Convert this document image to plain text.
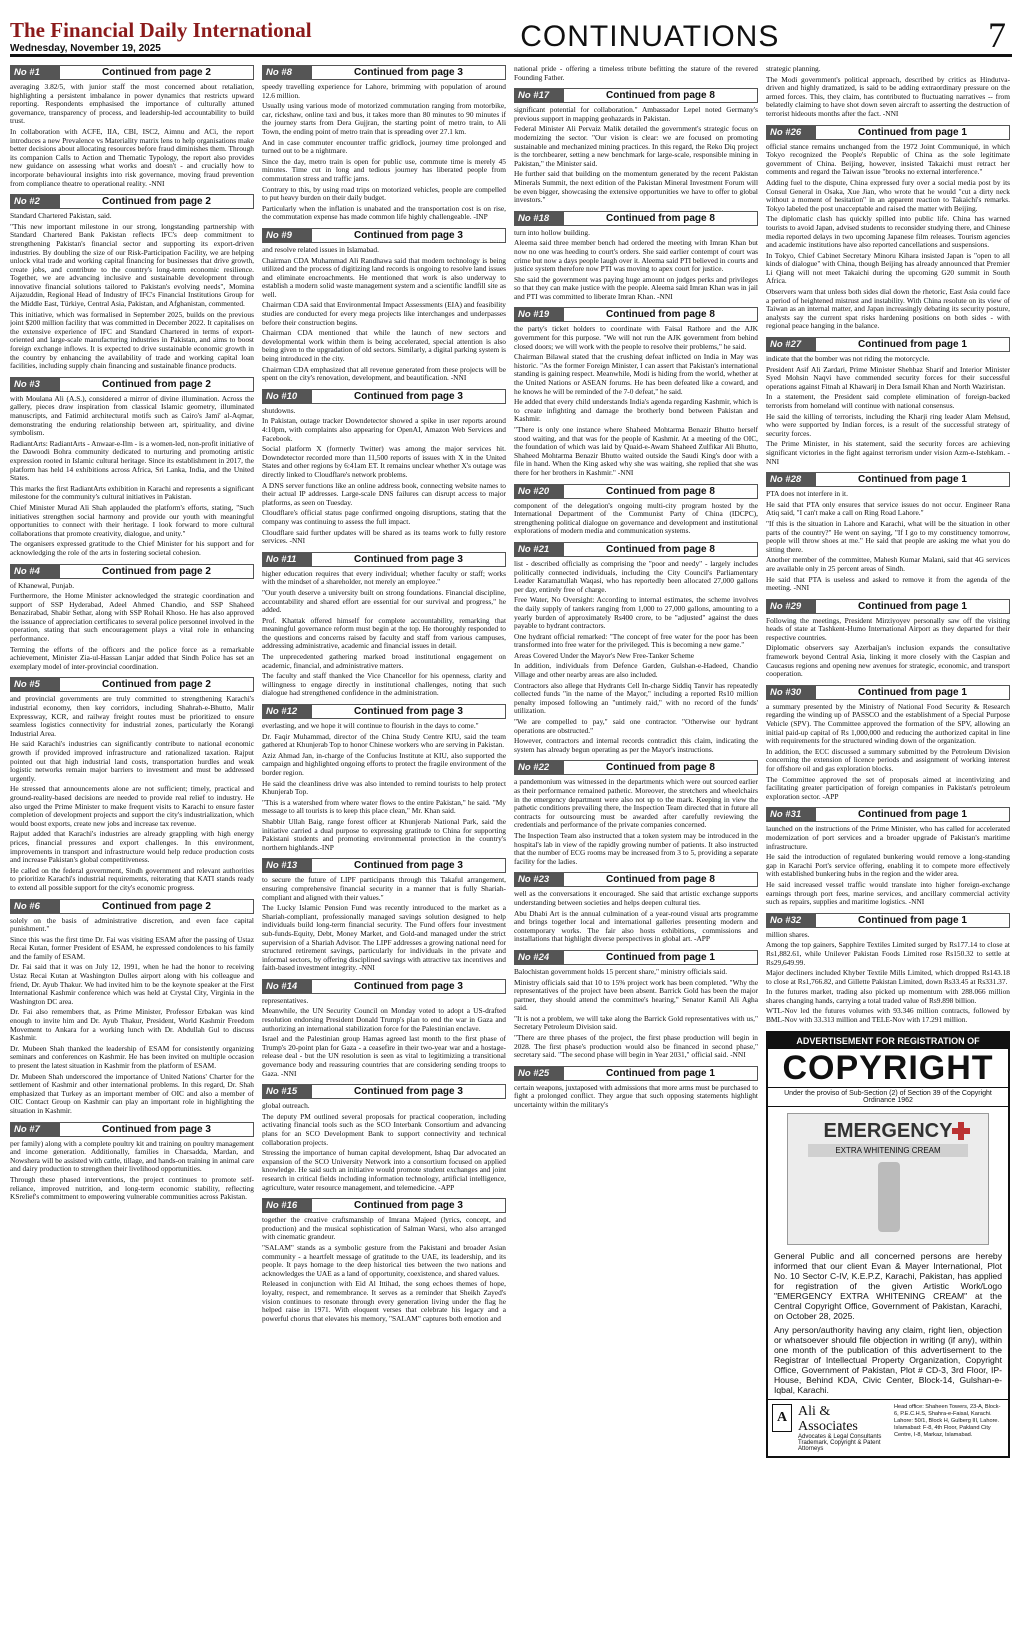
The Financial Daily International
Wednesday, November 19, 2025	CONTINUATIONS	7
No #1	Continued from page 2

averaging 3.82/5, with junior staff the most concerned about retaliation, highlighting a persistent imbalance in power dynamics that restricts upward reporting. Respondents emphasised the importance of culturally attuned governance, transparency of process, and leadership-led accountability to build trust.

In collaboration with ACFE, IIA, CBI, ISC2, Aimnu and ACi, the report introduces a new Prevalence vs Materiality matrix lens to help organisations make better decisions about allocating resources before fraud diminishes them. Through its companion Calls to Action and Thematic Typology, the report also provides new guidance on assessing what works and doesn't - and crucially how to incorporate behavioural insights into risk governance, moving fraud prevention from compliance theatre to operational reality. -NNI

No #2	Continued from page 2

Standard Chartered Pakistan, said.

"This new important milestone in our strong, longstanding partnership with Standard Chartered Bank Pakistan reflects IFC's deep commitment to strengthening Pakistan's financial sector and supporting its export-driven industries. By doubling the size of our Risk-Participation Facility, we are helping unlock vital trade and working capital financing for businesses that drive growth, create jobs, and contribute to the country's long-term economic resilience. Together, we are advancing inclusive and sustainable development through innovative financial solutions tailored to Pakistan's evolving needs", Momina Aijazuddin, Regional Head of Industry of IFC's Financial Institutions Group for the Middle East, Türkiye, Central Asia, Pakistan, and Afghanistan, commented.

This initiative, which was formalised in September 2025, builds on the previous joint $200 million facility that was committed in December 2022. It capitalises on the extensive experience of IFC and Standard Chartered in terms of export-oriented and large-scale manufacturing industries in Pakistan, and aims to boost foreign exchange inflows. It is expected to drive sustainable economic growth in the country by enhancing the availability of trade and working capital loan facilities, including supply chain financing and sustainable finance products.

No #3	Continued from page 2

with Moulana Ali (A.S.), considered a mirror of divine illumination. Across the gallery, pieces draw inspiration from classical Islamic geometry, illuminated manuscripts, and Fatimid architectural motifs such as Cairo's Jami' al-Aqmar, demonstrating the enduring relationship between art, spirituality, and divine symbolism.

RadiantArts: RadiantArts - Anwaar-e-Ilm - is a women-led, non-profit initiative of the Dawoodi Bohra community dedicated to nurturing and promoting artistic expression rooted in Islamic cultural heritage. Since its establishment in 2017, the platform has held 14 exhibitions across Africa, Sri Lanka, India, and the United States.

This marks the first RadiantArts exhibition in Karachi and represents a significant milestone for the community's cultural initiatives in Pakistan.

Chief Minister Murad Ali Shah applauded the platform's efforts, stating, "Such initiatives strengthen social harmony and provide our youth with meaningful opportunities to connect with their heritage. I look forward to more cultural collaborations that promote creativity, dialogue, and unity."

The organisers expressed gratitude to the Chief Minister for his support and for acknowledging the role of the arts in fostering societal cohesion.

No #4	Continued from page 2

of Khanewal, Punjab.

Furthermore, the Home Minister acknowledged the strategic coordination and support of SSP Hyderabad, Adeel Ahmed Chandio, and SSP Shaheed Benazirabad, Shabir Sethar, along with SSP Rohail Khoso. He has also approved the issuance of appreciation certificates to several police personnel involved in the operation, stating that such encouragement plays a vital role in enhancing performance.

Terming the efforts of the officers and the police force as a remarkable achievement, Minister Zia-ul-Hassan Lanjar added that Sindh Police has set an exemplary model of inter-provincial coordination.

No #5	Continued from page 2

and provincial governments are truly committed to strengthening Karachi's industrial economy, then key corridors, including Shahrah-e-Bhutto, Malir Expressway, KCR, and railway freight routes must be prioritized to ensure seamless logistics connectivity for industrial zones, particularly the Korangi Industrial Area.

He said Karachi's industries can significantly contribute to national economic growth if provided improved infrastructure and rationalized taxation. Rajput pointed out that high industrial land costs, transportation hurdles and weak logistic networks remain major barriers to investment and must be addressed urgently.

He stressed that announcements alone are not sufficient; timely, practical and ground-reality-based decisions are needed to provide real relief to industry. He also urged the Prime Minister to make frequent visits to Karachi to ensure faster completion of development projects and support the city's industrialization, which would boost exports, create new jobs and increase tax revenue.

Rajput added that Karachi's industries are already grappling with high energy prices, financial pressures and export challenges. In this environment, improvements in transport and infrastructure would help reduce production costs and increase Pakistan's global competitiveness.

He called on the federal government, Sindh government and relevant authorities to prioritize Karachi's industrial requirements, reiterating that KATI stands ready to extend all possible support for the city's economic progress.

No #6	Continued from page 2

solely on the basis of administrative discretion, and even face capital punishment."

Since this was the first time Dr. Fai was visiting ESAM after the passing of Ustaz Recai Kutan, former President of ESAM, he expressed condolences to his family and the family of ESAM.

Dr. Fai said that it was on July 12, 1991, when he had the honor to receiving Ustaz Recai Kutan at Washington Dulles airport along with his colleague and friend, Dr. Ayub Thakur. We had invited him to be the keynote speaker at the First International Kashmir conference which was held at Crystal City, Virginia in the Washington DC area.

Dr. Fai also remembers that, as Prime Minister, Professor Erbakan was kind enough to invite him and Dr. Ayub Thakur, President, World Kashmir Freedom Movement to Ankara for a working lunch with Dr. Abdullah Gul to discuss Kashmir.

Dr. Mubeen Shah thanked the leadership of ESAM for consistently organizing seminars and conferences on Kashmir. He has been invited on multiple occasion to present the latest situation in Kashmir from the platform of ESAM.

Dr. Mubeen Shah underscored the importance of United Nations' Charter for the settlement of Kashmir and other international problems. In this regard, Dr. Shah emphasized that Turkey as an important member of OIC and also a member of OIC Contact Group on Kashmir can play an important role in highlighting the situation in Kashmir.

No #7	Continued from page 3

per family) along with a complete poultry kit and training on poultry management and income generation. Additionally, families in Charsadda, Mardan, and Nowshera will be assisted with cattle, tillage, and hands-on training in animal care and dairy production to strengthen their livelihood opportunities.

Through these phased interventions, the project continues to promote self-reliance, improved nutrition, and long-term economic stability, reflecting KSrelief's commitment to empowering vulnerable communities across Pakistan.

No #8	Continued from page 3

speedy travelling experience for Lahore, brimming with population of around 12.6 million.

Usually using various mode of motorized commutation ranging from motorbike, car, rickshaw, online taxi and bus, it takes more than 80 minutes to 90 minutes if the journey starts from Dera Gujjran, the starting point of metro train, to Ali Town, the ending point of metro train that is spreading over 27.1 km.

And in case commuter encounter traffic gridlock, journey time prolonged and turned out to be a nightmare.

Since the day, metro train is open for public use, commute time is merely 45 minutes. Time cut in long and tedious journey has liberated people from commutation stress and traffic jams.

Contrary to this, by using road trips on motorized vehicles, people are compelled to put heavy burden on their daily budget.

Particularly when the inflation is unabated and the transportation cost is on rise, the commutation expense has made common life highly challengeable. -INP

No #9	Continued from page 3

and resolve related issues in Islamabad.

Chairman CDA Muhammad Ali Randhawa said that modern technology is being utilized and the process of digitizing land records is ongoing to resolve land issues and eliminate encroachments. He mentioned that work is also underway to establish a modern solid waste management system and a scientific landfill site as well.

Chairman CDA said that Environmental Impact Assessments (EIA) and feasibility studies are conducted for every mega projects like interchanges and underpasses before their construction begins.

Chairman CDA mentioned that while the launch of new sectors and developmental work within them is being accelerated, special attention is also being given to the upgradation of old sectors. Similarly, a digital parking system is being introduced in the city.

Chairman CDA emphasized that all revenue generated from these projects will be spent on the city's renovation, development, and beautification. -NNI

No #10	Continued from page 3

shutdowns.

In Pakistan, outage tracker Downdetector showed a spike in user reports around 4:10pm, with complaints also appearing for OpenAI, Amazon Web Services and Facebook.

Social platform X (formerly Twitter) was among the major services hit. Downdetector recorded more than 11,500 reports of issues with X in the United States and other regions by 6:41am ET. It remains unclear whether X's outage was directly linked to Cloudflare's network problems.

A DNS server functions like an online address book, connecting website names to their actual IP addresses. Large-scale DNS failures can disrupt access to major platforms, as seen on Tuesday.

Cloudflare's official status page confirmed ongoing disruptions, stating that the company was continuing to assess the full impact.

Cloudflare said further updates will be shared as its teams work to fully restore services. -NNI

No #11	Continued from page 3

higher education requires that every individual; whether faculty or staff; works with the mindset of a shareholder, not merely an employee."

"Our youth deserve a university built on strong foundations. Financial discipline, accountability and shared effort are essential for our survival and progress," he added.

Prof. Khattak offered himself for complete accountability, remarking that meaningful governance reform must begin at the top. He thoroughly responded to the questions and concerns raised by faculty and staff from various campuses, addressing administrative, academic and financial issues in detail.

The unprecedented gathering marked broad institutional engagement on academic, financial, and administrative matters.

The faculty and staff thanked the Vice Chancellor for his openness, clarity and willingness to engage directly in institutional challenges, noting that such dialogue had strengthened confidence in the administration.

No #12	Continued from page 3

everlasting, and we hope it will continue to flourish in the days to come."

Dr. Faqir Muhammad, director of the China Study Centre KIU, said the team gathered at Khunjerab Top to honor Chinese workers who are serving in Pakistan.

Aziz Ahmad Jan, in-charge of the Confucius Institute at KIU, also supported the campaign and highlighted ongoing efforts to protect the fragile environment of the border region.

He said the cleanliness drive was also intended to remind tourists to help protect Khunjerab Top.

"This is a watershed from where water flows to the entire Pakistan," he said. "My message to all tourists is to keep this place clean," Mr. Khan said.

Shabbir Ullah Baig, range forest officer at Khunjerab National Park, said the initiative carried a dual purpose to expressing gratitude to China for supporting Pakistani students and promoting environmental protection in the country's northern highlands.-INP

No #13	Continued from page 3

to secure the future of LIPF participants through this Takaful arrangement, ensuring comprehensive financial security in a manner that is fully Shariah-compliant and aligned with their values."

The Lucky Islamic Pension Fund was recently introduced to the market as a Shariah-compliant, professionally managed savings solution designed to help individuals build long-term financial security. The Fund offers four investment sub-funds-Equity, Debt, Money Market, and Gold-and managed under the strict supervision of a Shariah Advisor. The LIPF addresses a growing national need for structured retirement savings, particularly for individuals in the private and informal sectors, by offering disciplined savings with attractive tax incentives and faith-based investment integrity. -NNI

No #14	Continued from page 3

representatives.

Meanwhile, the UN Security Council on Monday voted to adopt a US-drafted resolution endorsing President Donald Trump's plan to end the war in Gaza and authorizing an international stabilization force for the Palestinian enclave.

Israel and the Palestinian group Hamas agreed last month to the first phase of Trump's 20-point plan for Gaza - a ceasefire in their two-year war and a hostage-release deal - but the UN resolution is seen as vital to legitimizing a transitional governance body and reassuring countries that are considering sending troops to Gaza. -NNI

No #15	Continued from page 3

global outreach.

The deputy PM outlined several proposals for practical cooperation, including activating financial tools such as the SCO Interbank Consortium and advancing plans for an SCO Development Bank to support connectivity and technical collaboration projects.

Stressing the importance of human capital development, Ishaq Dar advocated an expansion of the SCO University Network into a consortium focused on applied knowledge. He said such an initiative would promote student exchanges and joint research in critical fields including information technology, artificial intelligence, agriculture, water resource management, and telemedicine. -APP

No #16	Continued from page 3

together the creative craftsmanship of Imrana Majeed (lyrics, concept, and production) and the musical sophistication of Salman Warsi, who also arranged with cinematic grandeur.

"SALAM" stands as a symbolic gesture from the Pakistani and broader Asian community - a heartfelt message of gratitude to the UAE, its leadership, and its people. It pays homage to the deep historical ties between the two nations and acknowledges the UAE as a land of opportunity, coexistence, and shared values.

Released in conjunction with Eid Al Ittihad, the song echoes themes of hope, loyalty, respect, and remembrance. It serves as a reminder that Sheikh Zayed's vision continues to resonate through every generation living under the flag he helped raise in 1971. With eloquent verses that celebrate his legacy and a powerful chorus that elevates his memory, "SALAM" captures both emotion and

national pride - offering a timeless tribute befitting the stature of the revered Founding Father.

No #17	Continued from page 8

significant potential for collaboration." Ambassador Lepel noted Germany's previous support in mapping geohazards in Pakistan.

Federal Minister Ali Pervaiz Malik detailed the government's strategic focus on modernizing the sector. "Our vision is clear: we are focused on promoting sustainable and mechanized mining practices. In this regard, the Reko Diq project is the torchbearer, setting a new benchmark for large-scale, responsible mining in Pakistan," the Minister said.

He further said that building on the momentum generated by the recent Pakistan Minerals Summit, the next edition of the Pakistan Mineral Investment Forum will be even bigger, showcasing the extensive opportunities we have to offer to global investors."

No #18	Continued from page 8

turn into hollow building.

Aleema said three member bench had ordered the meeting with Imran Khan but now no one was heeding to court's orders. She said earlier contempt of court was crime but now a days people laugh over it. Aleema said PTI believed in courts and justice system therefore now PTI was moving to apex court for justice.

She said the government was paying huge amount on judges perks and privileges so that they can make justice with the people. Aleema said Imran Khan was in jail and PTI was committed to liberate Imran Khan. -NNI

No #19	Continued from page 8

the party's ticket holders to coordinate with Faisal Rathore and the AJK government for this purpose. "We will not run the AJK government from behind closed doors; we will work with the people to resolve their problems," he said.

Chairman Bilawal stated that the crushing defeat inflicted on India in May was historic. "As the former Foreign Minister, I can assert that Pakistan's international standing is gaining respect. Meanwhile, Modi is hiding from the world, whether at the United Nations or ASEAN forums. He has been defeated like a coward, and he knows he will be reminded of the 7-0 defeat," he said.

He added that every child understands India's agenda regarding Kashmir, which is to create infighting and damage the brotherly bond between Pakistan and Kashmir.

"There is only one instance where Shaheed Mohtarma Benazir Bhutto herself stood waiting, and that was for the people of Kashmir. At a meeting of the OIC, the foundation of which was laid by Quaid-e-Awam Shaheed Zulfikar Ali Bhutto, Shaheed Mohtarma Benazir Bhutto waited outside the Saudi King's door with a file in hand. When the King asked why she was waiting, she replied that she was there for her brothers in Kashmir." -NNI

No #20	Continued from page 8

component of the delegation's ongoing multi-city program hosted by the International Department of the Communist Party of China (IDCPC), strengthening political dialogue on governance and development and institutional explorations of modern media and communication systems.

No #21	Continued from page 8

list - described officially as comprising the "poor and needy" - largely includes politically connected individuals, including the City Council's Parliamentary Leader Karamatullah Waqasi, who has reportedly been allocated 27,000 gallons per day, entirely free of charge.

Free Water, No Oversight: According to internal estimates, the scheme involves the daily supply of tankers ranging from 1,000 to 27,000 gallons, amounting to a yearly burden of approximately Rs400 crore, to be "adjusted" against the dues payable to hydrant contractors.

One hydrant official remarked: "The concept of free water for the poor has been transformed into free water for the privileged. This is becoming a new game."

Areas Covered Under the Mayor's New Free-Tanker Scheme

In addition, individuals from Defence Garden, Gulshan-e-Hadeed, Chandio Village and other nearby areas are also included.

Contractors also allege that Hydrants Cell In-charge Siddiq Tanvir has repeatedly collected funds "in the name of the Mayor," including a reported Rs10 million penalty imposed following an "untimely raid," with no record of the funds' utilization.

"We are compelled to pay," said one contractor. "Otherwise our hydrant operations are obstructed."

However, contractors and internal records contradict this claim, indicating the system has already begun operating as per the Mayor's instructions.

No #22	Continued from page 8

a pandemonium was witnessed in the departments which were out sourced earlier as their performance remained pathetic. Moreover, the stretchers and wheelchairs in the emergency department were also not up to the mark. Keeping in view the pathetic conditions prevailing there, the Inspection Team directed that in future all contracts for outsourcing must be awarded after carefully reviewing the credentials and performance of the private companies concerned.

The Inspection Team also instructed that a token system may be introduced in the hospital's lab in view of the rapidly growing number of patients. It also instructed that the number of ECG rooms may be increased from 3 to 5, providing a separate facility for the ladies.

No #23	Continued from page 8

well as the conversations it encouraged. She said that artistic exchange supports understanding between societies and helps deepen cultural ties.

Abu Dhabi Art is the annual culmination of a year-round visual arts programme and brings together local and international galleries presenting modern and contemporary works. The fair also hosts exhibitions, commissions and installations that highlight diverse perspectives in global art. -APP

No #24	Continued from page 1

Balochistan government holds 15 percent share," ministry officials said.

Ministry officials said that 10 to 15% project work has been completed. "Why the representatives of the project have been absent. Barrick Gold has been the major partner, they should attend the committee's hearing," Senator Kamil Ali Agha said.

"It is not a problem, we will take along the Barrick Gold representatives with us," Secretary Petroleum Division said.

"There are three phases of the project, the first phase production will begin in 2028. The first phase's production would also be financed in second phase," secretary said. "The second phase will begin in Year 2031," official said. -NNI

No #25	Continued from page 1

certain weapons, juxtaposed with admissions that more arms must be purchased to fight a prolonged conflict. They argue that such opposing statements highlight uncertainty within the military's

strategic planning.

The Modi government's political approach, described by critics as Hindutva-driven and highly dramatized, is said to be adding extraordinary pressure on the armed forces. This, they claim, has contributed to fluctuating narratives -- from belatedly claiming to have shot down seven aircraft to asserting the destruction of terrorist hideouts months after the fact. -NNI

No #26	Continued from page 1

official stance remains unchanged from the 1972 Joint Communiqué, in which Tokyo recognized the People's Republic of China as the sole legitimate government of China. Beijing, however, insisted Takaichi must retract her comments and regard the Taiwan issue "brooks no external interference."

Adding fuel to the dispute, China expressed fury over a social media post by its Consul General in Osaka, Xue Jian, who wrote that he would "cut a dirty neck without a moment of hesitation" in an apparent reaction to Takaichi's remarks. Tokyo labeled the post unacceptable and raised the matter with Beijing.

The diplomatic clash has quickly spilled into public life. China has warned tourists to avoid Japan, advised students to reconsider studying there, and Chinese media reported delays in two upcoming Japanese film releases. Tourism agencies and academic institutions have also reported cancellations and suspensions.

In Tokyo, Chief Cabinet Secretary Minoru Kihara insisted Japan is "open to all kinds of dialogue" with China, though Beijing has already announced that Premier Li Qiang will not meet Takaichi during the upcoming G20 summit in South Africa.

Observers warn that unless both sides dial down the rhetoric, East Asia could face a period of heightened mistrust and instability. With China resolute on its view of Taiwan as an internal matter, and Japan increasingly debating its security posture, analysts say the current spat risks hardening positions on both sides - with regional peace hanging in the balance.

No #27	Continued from page 1

indicate that the bomber was not riding the motorcycle.

President Asif Ali Zardari, Prime Minister Shehbaz Sharif and Interior Minister Syed Mohsin Naqvi have commended security forces for their successful operations against Fitnah al Khawarij in Dera Ismail Khan and North Waziristan.

In a statement, the President said complete elimination of foreign-backed terrorists from homeland will continue with national consensus.

He said the killing of terrorists, including the Kharji ring leader Alam Mehsud, who were supported by Indian forces, is a result of the successful strategy of security forces.

The Prime Minister, in his statement, said the security forces are achieving significant victories in the fight against terrorism under vision Azm-e-Istehkam. -NNI

No #28	Continued from page 1

PTA does not interfere in it.

He said that PTA only ensures that service issues do not occur. Engineer Rana Atiq said, "I can't make a call on Ring Road Lahore."

"If this is the situation in Lahore and Karachi, what will be the situation in other parts of the country?" He went on saying, "If I go to my constituency tomorrow, people will throw shoes at me." He said that people are asking me what you do sitting there.

Another member of the committee, Mahesh Kumar Malani, said that 4G services are available only in 25 percent areas of Sindh.

He said that PTA is useless and asked to remove it from the agenda of the meeting. -NNI

No #29	Continued from page 1

Following the meetings, President Mirziyoyev personally saw off the visiting heads of state at Tashkent-Humo International Airport as they departed for their respective countries.

Diplomatic observers say Azerbaijan's inclusion expands the consultative framework beyond Central Asia, linking it more closely with the Caspian and Caucasus regions and opening new avenues for strategic, economic, and transport cooperation.

No #30	Continued from page 1

a summary presented by the Ministry of National Food Security & Research regarding the winding up of PASSCO and the establishment of a Special Purpose Vehicle (SPV). The Committee approved the formation of the SPV, allowing an initial paid-up capital of Rs 1,000,000 and reducing the authorized capital in line with requirements for the structured winding down of the organization.

In addition, the ECC discussed a summary submitted by the Petroleum Division concerning the extension of licence periods and assignment of working interest for offshore oil and gas exploration blocks.

The Committee approved the set of proposals aimed at incentivizing and facilitating greater participation of foreign companies in Pakistan's petroleum exploration sector. -APP

No #31	Continued from page 1

launched on the instructions of the Prime Minister, who has called for accelerated modernization of port services and a broader upgrade of Pakistan's maritime infrastructure.

He said the introduction of regulated bunkering would remove a long-standing gap in Karachi Port's service offering, enabling it to compete more effectively with established bunkering hubs in the region and the wider area.

He said increased vessel traffic would translate into higher foreign-exchange earnings through port fees, marine services, and ancillary commercial activity such as repairs, supplies and maritime logistics. -NNI

No #32	Continued from page 1

million shares.

Among the top gainers, Sapphire Textiles Limited surged by Rs177.14 to close at Rs1,882.61, while Unilever Pakistan Foods Limited rose Rs150.32 to settle at Rs29,649.99.

Major decliners included Khyber Textile Mills Limited, which dropped Rs143.18 to close at Rs1,766.82, and Gillette Pakistan Limited, down Rs33.45 at Rs331.37.

In the futures market, trading also picked up momentum with 288.066 million shares changing hands, carrying a total traded value of Rs9.898 billion.

WTL-Nov led the futures volumes with 93.346 million contracts, followed by BML-Nov with 33.313 million and TELE-Nov with 17.291 million.

ADVERTISEMENT FOR REGISTRATION OF
COPYRIGHT
Under the proviso of Sub-Section (2) of Section 39 of the Copyright Ordinance 1962
EMERGENCY
EXTRA WHITENING CREAM

General Public and all concerned persons are hereby informed that our client Evan & Mayer International, Plot No. 10 Sector C-IV, K.E.P.Z, Karachi, Pakistan, has applied for registration of the given Artistic Work/Logo "EMERGENCY EXTRA WHITENING CREAM" at the Central Copyright Office, Government of Pakistan, Karachi, on October 28, 2025.

Any person/authority having any claim, right lien, objection or whatsoever should file objection in writing (if any), within one month of the publication of this advertisement to the Registrar of Intellectual Property Organization, Copyright Office, Government of Pakistan, Plot # CD-3, 3rd Floor, IP-House, Behind KDA, Civic Center, Block-14, Gulshan-e-Iqbal, Karachi.

A Ali & Associates
Advocates & Legal Consultants Trademark, Copyright & Patent Attorneys
Head office: Shaheen Towers, 23-A, Block-6, P.E.C.H.S, Shahra-e-Faisal, Karachi.
Lahore: 50/1, Block H, Gulberg III, Lahore.
Islamabad: F-8, 4th Floor, Pakland City Centre, I-8, Markaz, Islamabad.
